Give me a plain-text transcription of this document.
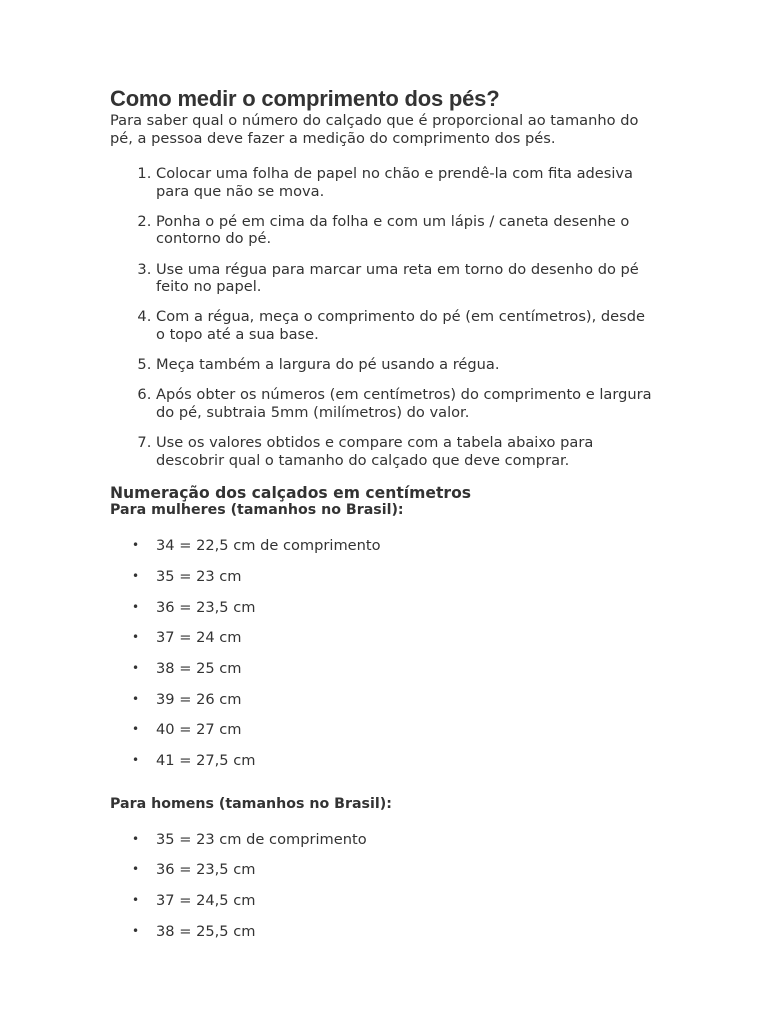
Como medir o comprimento dos pés?

Para saber qual o número do calçado que é proporcional ao tamanho do pé, a pessoa deve fazer a medição do comprimento dos pés.

1. Colocar uma folha de papel no chão e prendê-la com fita adesiva para que não se mova.
2. Ponha o pé em cima da folha e com um lápis / caneta desenhe o contorno do pé.
3. Use uma régua para marcar uma reta em torno do desenho do pé feito no papel.
4. Com a régua, meça o comprimento do pé (em centímetros), desde o topo até a sua base.
5. Meça também a largura do pé usando a régua.
6. Após obter os números (em centímetros) do comprimento e largura do pé, subtraia 5mm (milímetros) do valor.
7. Use os valores obtidos e compare com a tabela abaixo para descobrir qual o tamanho do calçado que deve comprar.
Numeração dos calçados em centímetros

Para mulheres (tamanhos no Brasil):

• 34 = 22,5 cm de comprimento
• 35 = 23 cm
• 36 = 23,5 cm
• 37 = 24 cm
• 38 = 25 cm
• 39 = 26 cm
• 40 = 27 cm
• 41 = 27,5 cm

Para homens (tamanhos no Brasil):

• 35 = 23 cm de comprimento
• 36 = 23,5 cm
• 37 = 24,5 cm
• 38 = 25,5 cm
